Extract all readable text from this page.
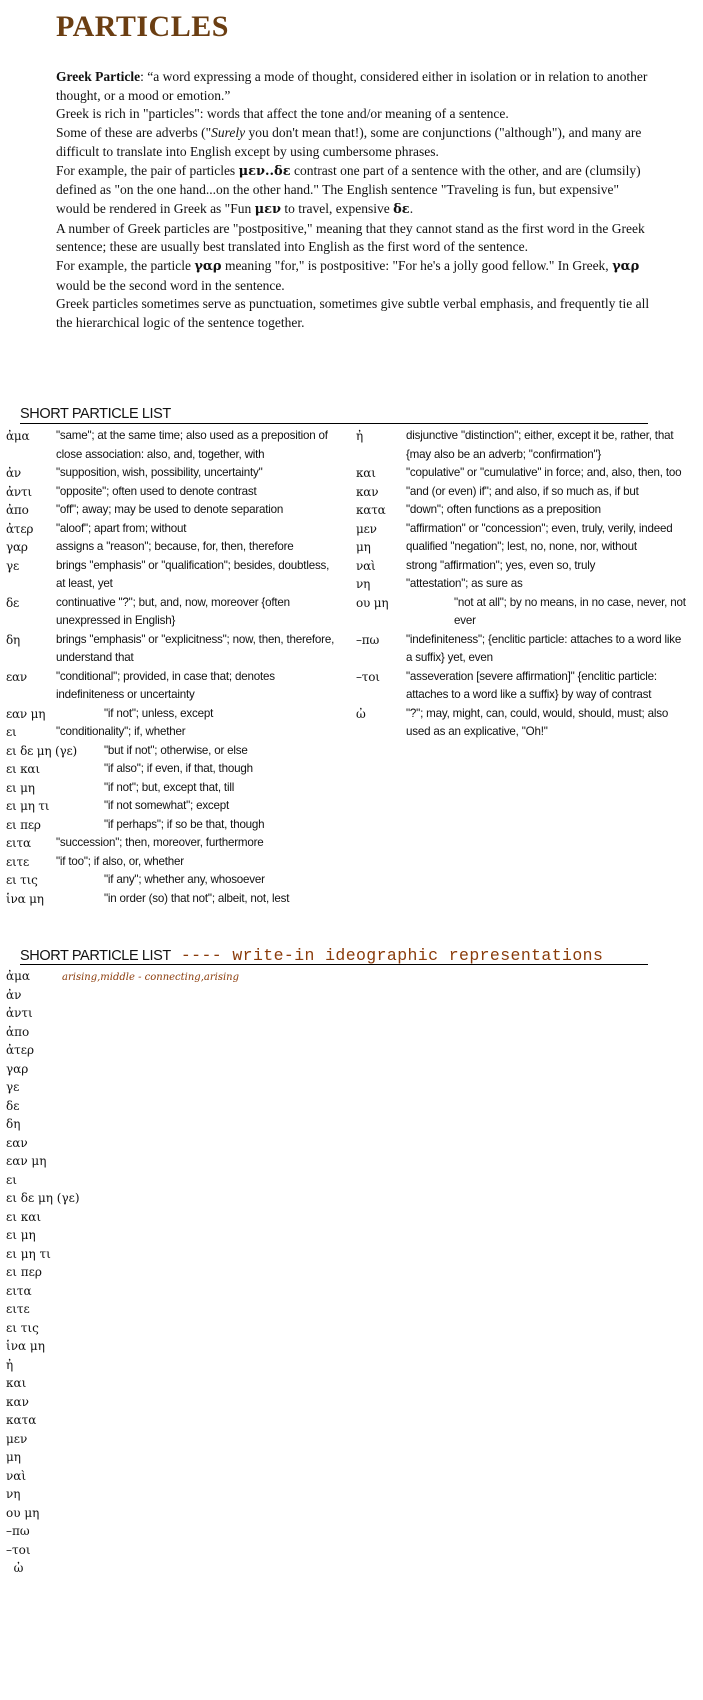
PARTICLES

Greek Particle: “a word expressing a mode of thought, considered either in isolation or in relation to another thought, or a mood or emotion.”

Greek is rich in "particles": words that affect the tone and/or meaning of a sentence.

Some of these are adverbs ("Surely you don't mean that!), some are conjunctions ("although"), and many are difficult to translate into English except by using cumbersome phrases.

For example, the pair of particles μεν..δε contrast one part of a sentence with the other, and are (clumsily) defined as "on the one hand...on the other hand." The English sentence "Traveling is fun, but expensive" would be rendered in Greek as "Fun μεν to travel, expensive δε.

A number of Greek particles are "postpositive," meaning that they cannot stand as the first word in the Greek sentence; these are usually best translated into English as the first word of the sentence.

For example, the particle γαρ meaning "for," is postpositive: "For he's a jolly good fellow." In Greek, γαρ would be the second word in the sentence.

Greek particles sometimes serve as punctuation, sometimes give subtle verbal emphasis, and frequently tie all the hierarchical logic of the sentence together.

SHORT PARTICLE LIST
ἀμα	"same"; at the same time; also used as a preposition of close association: also, and, together, with
ἀν	"supposition, wish, possibility, uncertainty"
ἀντι	"opposite"; often used to denote contrast
ἀπο	"off"; away; may be used to denote separation
ἀτερ	"aloof"; apart from; without
γαρ	assigns a "reason"; because, for, then, therefore
γε	brings "emphasis" or "qualification"; besides, doubtless, at least, yet
δε	continuative "?"; but, and, now, moreover {often unexpressed in English}
δη	brings "emphasis" or "explicitness"; now, then, therefore, understand that
εαν	"conditional"; provided, in case that; denotes indefiniteness or uncertainty
εαν μη	"if not"; unless, except
ει	"conditionality"; if, whether
ει δε μη (γε)	"but if not"; otherwise, or else
ει και	"if also"; if even, if that, though
ει μη	"if not"; but, except that, till
ει μη τι	"if not somewhat"; except
ει περ	"if perhaps"; if so be that, though
ειτα	"succession"; then, moreover, furthermore
ειτε	"if too"; if also, or, whether
ει τις	"if any"; whether any, whosoever
ἱνα μη	"in order (so) that not"; albeit, not, lest
ἠ	disjunctive "distinction"; either, except it be, rather, that {may also be an adverb; "confirmation"}
και	"copulative" or "cumulative" in force; and, also, then, too
καν	"and (or even) if"; and also, if so much as, if but
κατα	"down"; often functions as a preposition
μεν	"affirmation" or "concession"; even, truly, verily, indeed
μη	qualified "negation"; lest, no, none, nor, without
ναὶ	strong "affirmation"; yes, even so, truly
νη	"attestation"; as sure as
ου μη	"not at all"; by no means, in no case, never, not ever
–πω	"indefiniteness"; {enclitic particle: attaches to a word like a suffix} yet, even
–τοι	"asseveration [severe affirmation]" {enclitic particle: attaches to a word like a suffix} by way of contrast
ὠ	"?"; may, might, can, could, would, should, must; also used as an explicative, "Oh!"
SHORT PARTICLE LIST ---- write-in ideographic representations
ἀμα	arising,middle - connecting,arising
ἀν
ἀντι
ἀπο
ἀτερ
γαρ
γε
δε
δη
εαν
εαν μη
ει
ει δε μη (γε)
ει και
ει μη
ει μη τι
ει περ
ειτα
ειτε
ει τις
ἱνα μη
ἠ
και
καν
κατα
μεν
μη
ναὶ
νη
ου μη
–πω
–τοι
ὠ
